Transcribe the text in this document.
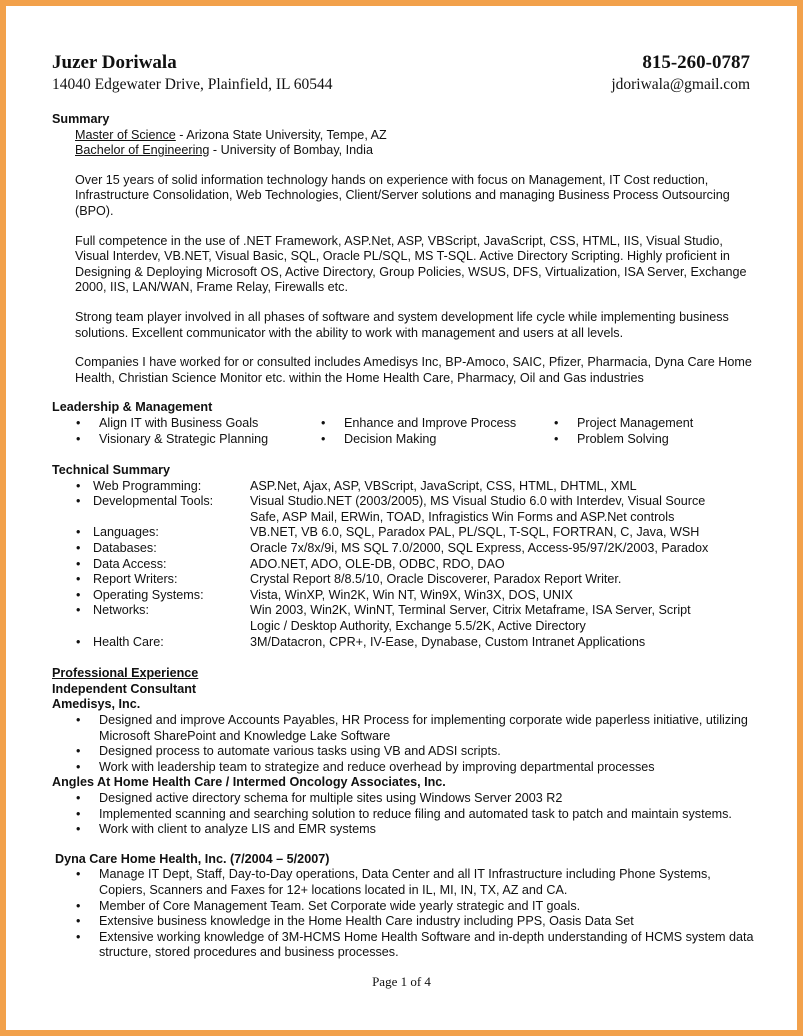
Juzer Doriwala	815-260-0787
14040 Edgewater Drive, Plainfield, IL 60544	jdoriwala@gmail.com
Summary
Master of Science - Arizona State University, Tempe, AZ
Bachelor of Engineering - University of Bombay, India
Over 15 years of solid information technology hands on experience with focus on Management, IT Cost reduction, Infrastructure Consolidation, Web Technologies, Client/Server solutions and managing Business Process Outsourcing (BPO).
Full competence in the use of .NET Framework, ASP.Net, ASP, VBScript, JavaScript, CSS, HTML, IIS, Visual Studio, Visual Interdev, VB.NET, Visual Basic, SQL, Oracle PL/SQL, MS T-SQL. Active Directory Scripting. Highly proficient in Designing & Deploying Microsoft OS, Active Directory, Group Policies, WSUS, DFS, Virtualization, ISA Server, Exchange 2000, IIS, LAN/WAN, Frame Relay, Firewalls etc.
Strong team player involved in all phases of software and system development life cycle while implementing business solutions. Excellent communicator with the ability to work with management and users at all levels.
Companies I have worked for or consulted includes Amedisys Inc, BP-Amoco, SAIC, Pfizer, Pharmacia, Dyna Care Home Health, Christian Science Monitor etc. within the Home Health Care, Pharmacy, Oil and Gas industries
Leadership & Management
• Align IT with Business Goals	• Enhance and Improve Process	• Project Management
• Visionary & Strategic Planning	• Decision Making	• Problem Solving
Technical Summary
• Web Programming:	ASP.Net, Ajax, ASP, VBScript, JavaScript, CSS, HTML, DHTML, XML
• Developmental Tools:	Visual Studio.NET (2003/2005), MS Visual Studio 6.0 with Interdev, Visual Source Safe, ASP Mail, ERWin, TOAD, Infragistics Win Forms and ASP.Net controls
• Languages:	VB.NET, VB 6.0, SQL, Paradox PAL, PL/SQL, T-SQL, FORTRAN, C, Java, WSH
• Databases:	Oracle 7x/8x/9i, MS SQL 7.0/2000, SQL Express, Access-95/97/2K/2003, Paradox
• Data Access:	ADO.NET, ADO, OLE-DB, ODBC, RDO, DAO
• Report Writers:	Crystal Report 8/8.5/10, Oracle Discoverer, Paradox Report Writer.
• Operating Systems:	Vista, WinXP, Win2K, Win NT, Win9X, Win3X, DOS, UNIX
• Networks:	Win 2003, Win2K, WinNT, Terminal Server, Citrix Metaframe, ISA Server, Script Logic / Desktop Authority, Exchange 5.5/2K, Active Directory
• Health Care:	3M/Datacron, CPR+, IV-Ease, Dynabase, Custom Intranet Applications
Professional Experience
Independent Consultant
Amedisys, Inc.
• Designed and improve Accounts Payables, HR Process for implementing corporate wide paperless initiative, utilizing Microsoft SharePoint and Knowledge Lake Software
• Designed process to automate various tasks using VB and ADSI scripts.
• Work with leadership team to strategize and reduce overhead by improving departmental processes
Angles At Home Health Care / Intermed Oncology Associates, Inc.
• Designed active directory schema for multiple sites using Windows Server 2003 R2
• Implemented scanning and searching solution to reduce filing and automated task to patch and maintain systems.
• Work with client to analyze LIS and EMR systems
Dyna Care Home Health, Inc. (7/2004 – 5/2007)
• Manage IT Dept, Staff, Day-to-Day operations, Data Center and all IT Infrastructure including Phone Systems, Copiers, Scanners and Faxes for 12+ locations located in IL, MI, IN, TX, AZ and CA.
• Member of Core Management Team. Set Corporate wide yearly strategic and IT goals.
• Extensive business knowledge in the Home Health Care industry including PPS, Oasis Data Set
• Extensive working knowledge of 3M-HCMS Home Health Software and in-depth understanding of HCMS system data structure, stored procedures and business processes.
Page 1 of 4
